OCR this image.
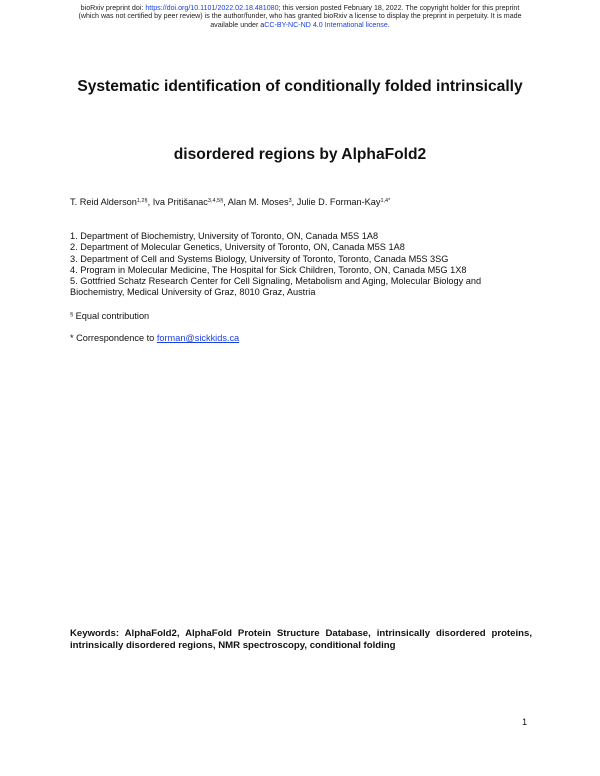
bioRxiv preprint doi: https://doi.org/10.1101/2022.02.18.481080; this version posted February 18, 2022. The copyright holder for this preprint
(which was not certified by peer review) is the author/funder, who has granted bioRxiv a license to display the preprint in perpetuity. It is made
available under aCC-BY-NC-ND 4.0 International license.
Systematic identification of conditionally folded intrinsically
disordered regions by AlphaFold2
T. Reid Alderson$^{1,2\S}$, Iva Pritišanac$^{3,4,5\S}$, Alan M. Moses$^3$, Julie D. Forman-Kay$^{1,4*}$
1. Department of Biochemistry, University of Toronto, ON, Canada M5S 1A8
2. Department of Molecular Genetics, University of Toronto, ON, Canada M5S 1A8
3. Department of Cell and Systems Biology, University of Toronto, Toronto, Canada M5S 3SG
4. Program in Molecular Medicine, The Hospital for Sick Children, Toronto, ON, Canada M5G 1X8
5. Gottfried Schatz Research Center for Cell Signaling, Metabolism and Aging, Molecular Biology and Biochemistry, Medical University of Graz, 8010 Graz, Austria
§ Equal contribution
* Correspondence to forman@sickkids.ca
Keywords: AlphaFold2, AlphaFold Protein Structure Database, intrinsically disordered proteins, intrinsically disordered regions, NMR spectroscopy, conditional folding
1
